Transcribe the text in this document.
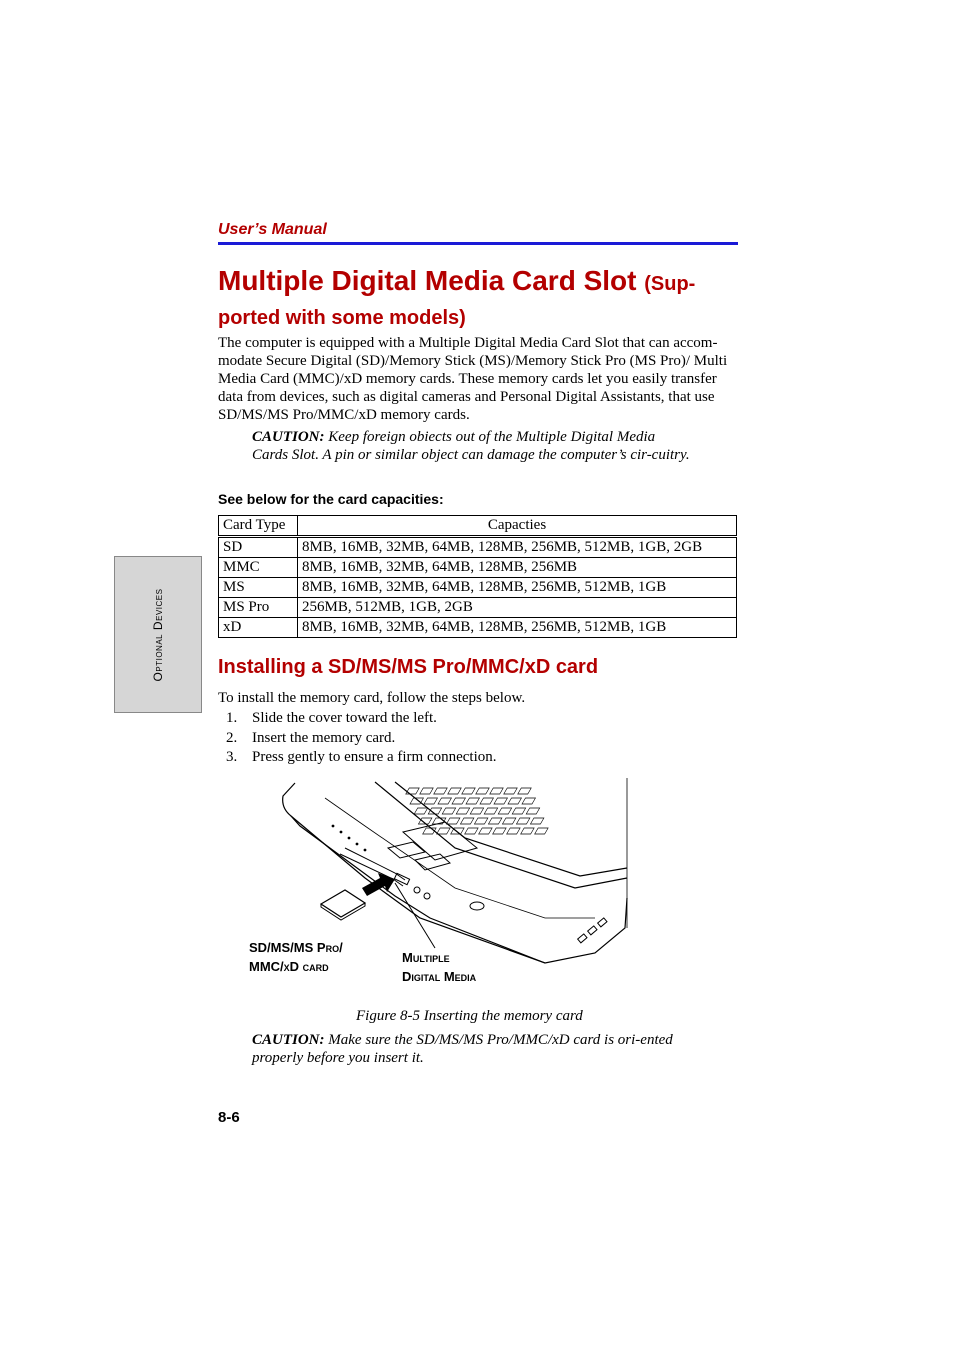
User’s Manual
Multiple Digital Media Card Slot (Sup-
ported with some models)
The computer is equipped with a Multiple Digital Media Card Slot that can accom-modate Secure Digital (SD)/Memory Stick (MS)/Memory Stick Pro (MS Pro)/ Multi Media Card (MMC)/xD memory cards. These memory cards let you easily transfer data from devices, such as digital cameras and Personal Digital Assistants, that use SD/MS/MS Pro/MMC/xD memory cards.
CAUTION: Keep foreign obiects out of the Multiple Digital Media Cards Slot. A pin or similar object can damage the computer’s cir-cuitry.
See below for the card capacities:
Card Type	Capacties
SD	8MB, 16MB, 32MB, 64MB, 128MB, 256MB, 512MB, 1GB, 2GB
MMC	8MB, 16MB, 32MB, 64MB, 128MB, 256MB
MS	8MB, 16MB, 32MB, 64MB, 128MB, 256MB, 512MB, 1GB
MS Pro	256MB, 512MB, 1GB, 2GB
xD	8MB, 16MB, 32MB, 64MB, 128MB, 256MB, 512MB, 1GB
Optional Devices	Installing a SD/MS/MS Pro/MMC/xD card
To install the memory card, follow the steps below.
1. Slide the cover toward the left.
2. Insert the memory card.
3. Press gently to ensure a firm connection.
SD/MS/MS Pro/
MMC/xD card
Multiple
Digital Media
Figure 8-5 Inserting the memory card
CAUTION: Make sure the SD/MS/MS Pro/MMC/xD card is ori-ented properly before you insert it.
8-6
